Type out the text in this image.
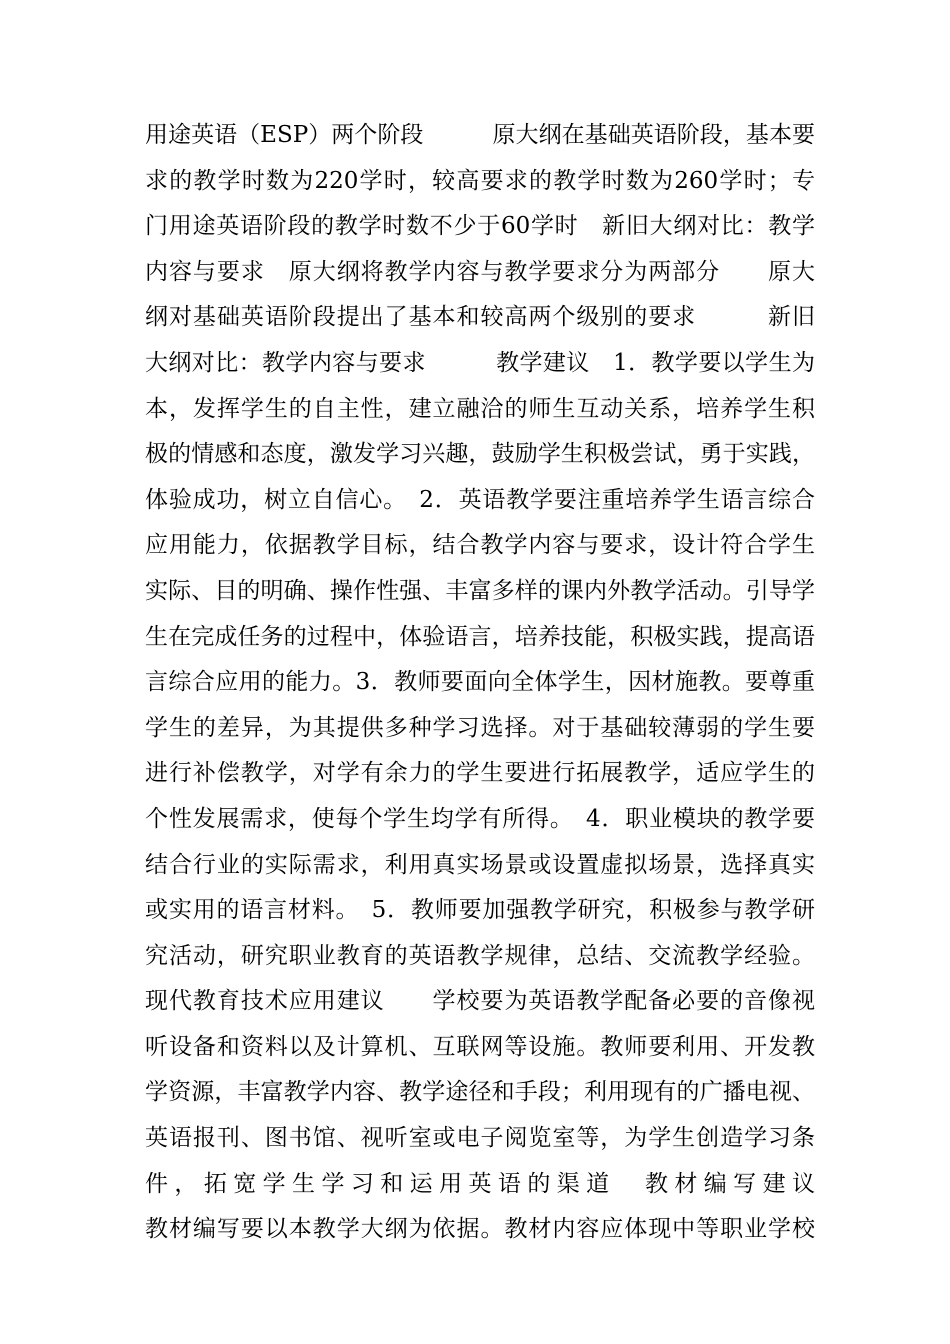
用途英语（ESP）两个阶段　　　原大纲在基础英语阶段，基本要
求的教学时数为220学时，较高要求的教学时数为260学时；专
门用途英语阶段的教学时数不少于60学时　新旧大纲对比：教学
内容与要求　原大纲将教学内容与教学要求分为两部分　　原大
纲对基础英语阶段提出了基本和较高两个级别的要求　　　新旧
大纲对比：教学内容与要求　　　教学建议　1．教学要以学生为
本，发挥学生的自主性，建立融洽的师生互动关系，培养学生积
极的情感和态度，激发学习兴趣，鼓励学生积极尝试，勇于实践，
体验成功，树立自信心。　2．英语教学要注重培养学生语言综合
应用能力，依据教学目标，结合教学内容与要求，设计符合学生
实际、目的明确、操作性强、丰富多样的课内外教学活动。引导学
生在完成任务的过程中，体验语言，培养技能，积极实践，提高语
言综合应用的能力。3．教师要面向全体学生，因材施教。要尊重
学生的差异，为其提供多种学习选择。对于基础较薄弱的学生要
进行补偿教学，对学有余力的学生要进行拓展教学，适应学生的
个性发展需求，使每个学生均学有所得。　4．职业模块的教学要
结合行业的实际需求，利用真实场景或设置虚拟场景，选择真实
或实用的语言材料。　5．教师要加强教学研究，积极参与教学研
究活动，研究职业教育的英语教学规律，总结、交流教学经验。
现代教育技术应用建议　　学校要为英语教学配备必要的音像视
听设备和资料以及计算机、互联网等设施。教师要利用、开发教
学资源，丰富教学内容、教学途径和手段；利用现有的广播电视、
英语报刊、图书馆、视听室或电子阅览室等，为学生创造学习条
件，拓宽学生学习和运用英语的渠道　教材编写建议
教材编写要以本教学大纲为依据。教材内容应体现中等职业学校
